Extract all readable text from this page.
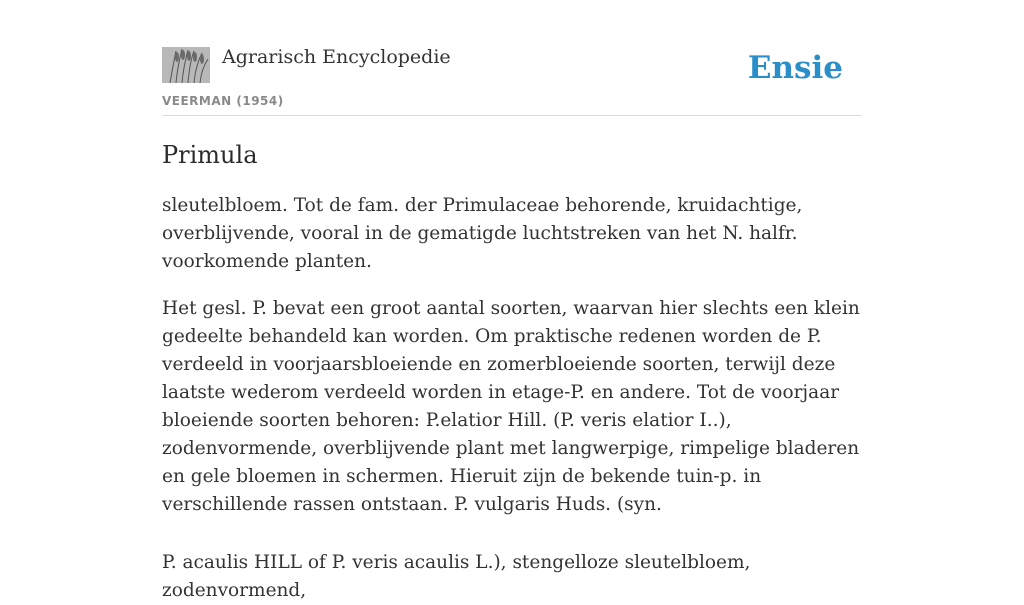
Agrarisch Encyclopedie
VEERMAN (1954)
Ensie
Primula

sleutelbloem. Tot de fam. der Primulaceae behorende, kruidachtige, overblijvende, vooral in de gematigde luchtstreken van het N. halfr. voorkomende planten.

Het gesl. P. bevat een groot aantal soorten, waarvan hier slechts een klein gedeelte behandeld kan worden. Om praktische redenen worden de P. verdeeld in voorjaarsbloeiende en zomerbloeiende soorten, terwijl deze laatste wederom verdeeld worden in etage-P. en andere. Tot de voorjaar bloeiende soorten behoren: P.elatior Hill. (P. veris elatior I..), zodenvormende, overblijvende plant met langwerpige, rimpelige bladeren en gele bloemen in schermen. Hieruit zijn de bekende tuin-p. in verschillende rassen ontstaan. P. vulgaris Huds. (syn.

P. acaulis HILL of P. veris acaulis L.), stengelloze sleutelbloem, zodenvormend,
